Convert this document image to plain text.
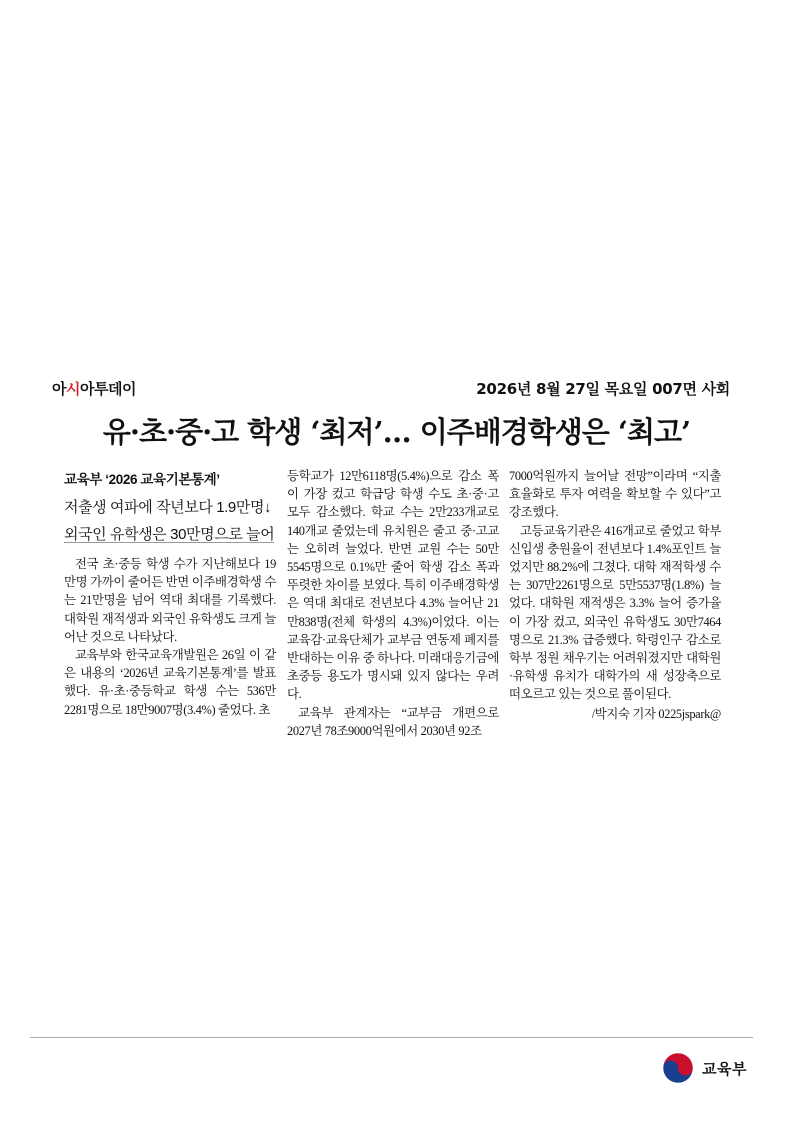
아시아투데이	2026년 8월 27일 목요일 007면 사회
유·초·중·고 학생 ‘최저’… 이주배경학생은 ‘최고’
교육부 ‘2026 교육기본통계’
저출생 여파에 작년보다 1.9만명↓
외국인 유학생은 30만명으로 늘어

전국 초·중등 학생 수가 지난해보다 19만명 가까이 줄어든 반면 이주배경학생 수는 21만명을 넘어 역대 최대를 기록했다. 대학원 재적생과 외국인 유학생도 크게 늘어난 것으로 나타났다.

교육부와 한국교육개발원은 26일 이 같은 내용의 ‘2026년 교육기본통계’를 발표했다. 유·초·중등학교 학생 수는 536만2281명으로 18만9007명(3.4%) 줄었다. 초

등학교가 12만6118명(5.4%)으로 감소 폭이 가장 컸고 학급당 학생 수도 초·중·고 모두 감소했다. 학교 수는 2만233개교로 140개교 줄었는데 유치원은 줄고 중·고교는 오히려 늘었다. 반면 교원 수는 50만5545명으로 0.1%만 줄어 학생 감소 폭과 뚜렷한 차이를 보였다. 특히 이주배경학생은 역대 최대로 전년보다 4.3% 늘어난 21만838명(전체 학생의 4.3%)이었다. 이는 교육감·교육단체가 교부금 연동제 폐지를 반대하는 이유 중 하나다. 미래대응기금에 초중등 용도가 명시돼 있지 않다는 우려다.

교육부 관계자는 “교부금 개편으로 2027년 78조9000억원에서 2030년 92조

7000억원까지 늘어날 전망”이라며 “지출 효율화로 투자 여력을 확보할 수 있다”고 강조했다.

고등교육기관은 416개교로 줄었고 학부 신입생 충원율이 전년보다 1.4%포인트 늘었지만 88.2%에 그쳤다. 대학 재적학생 수는 307만2261명으로 5만5537명(1.8%) 늘었다. 대학원 재적생은 3.3% 늘어 증가율이 가장 컸고, 외국인 유학생도 30만7464명으로 21.3% 급증했다. 학령인구 감소로 학부 정원 채우기는 어려워졌지만 대학원·유학생 유치가 대학가의 새 성장축으로 떠오르고 있는 것으로 풀이된다.

/박지숙 기자 0225jspark@
교육부
